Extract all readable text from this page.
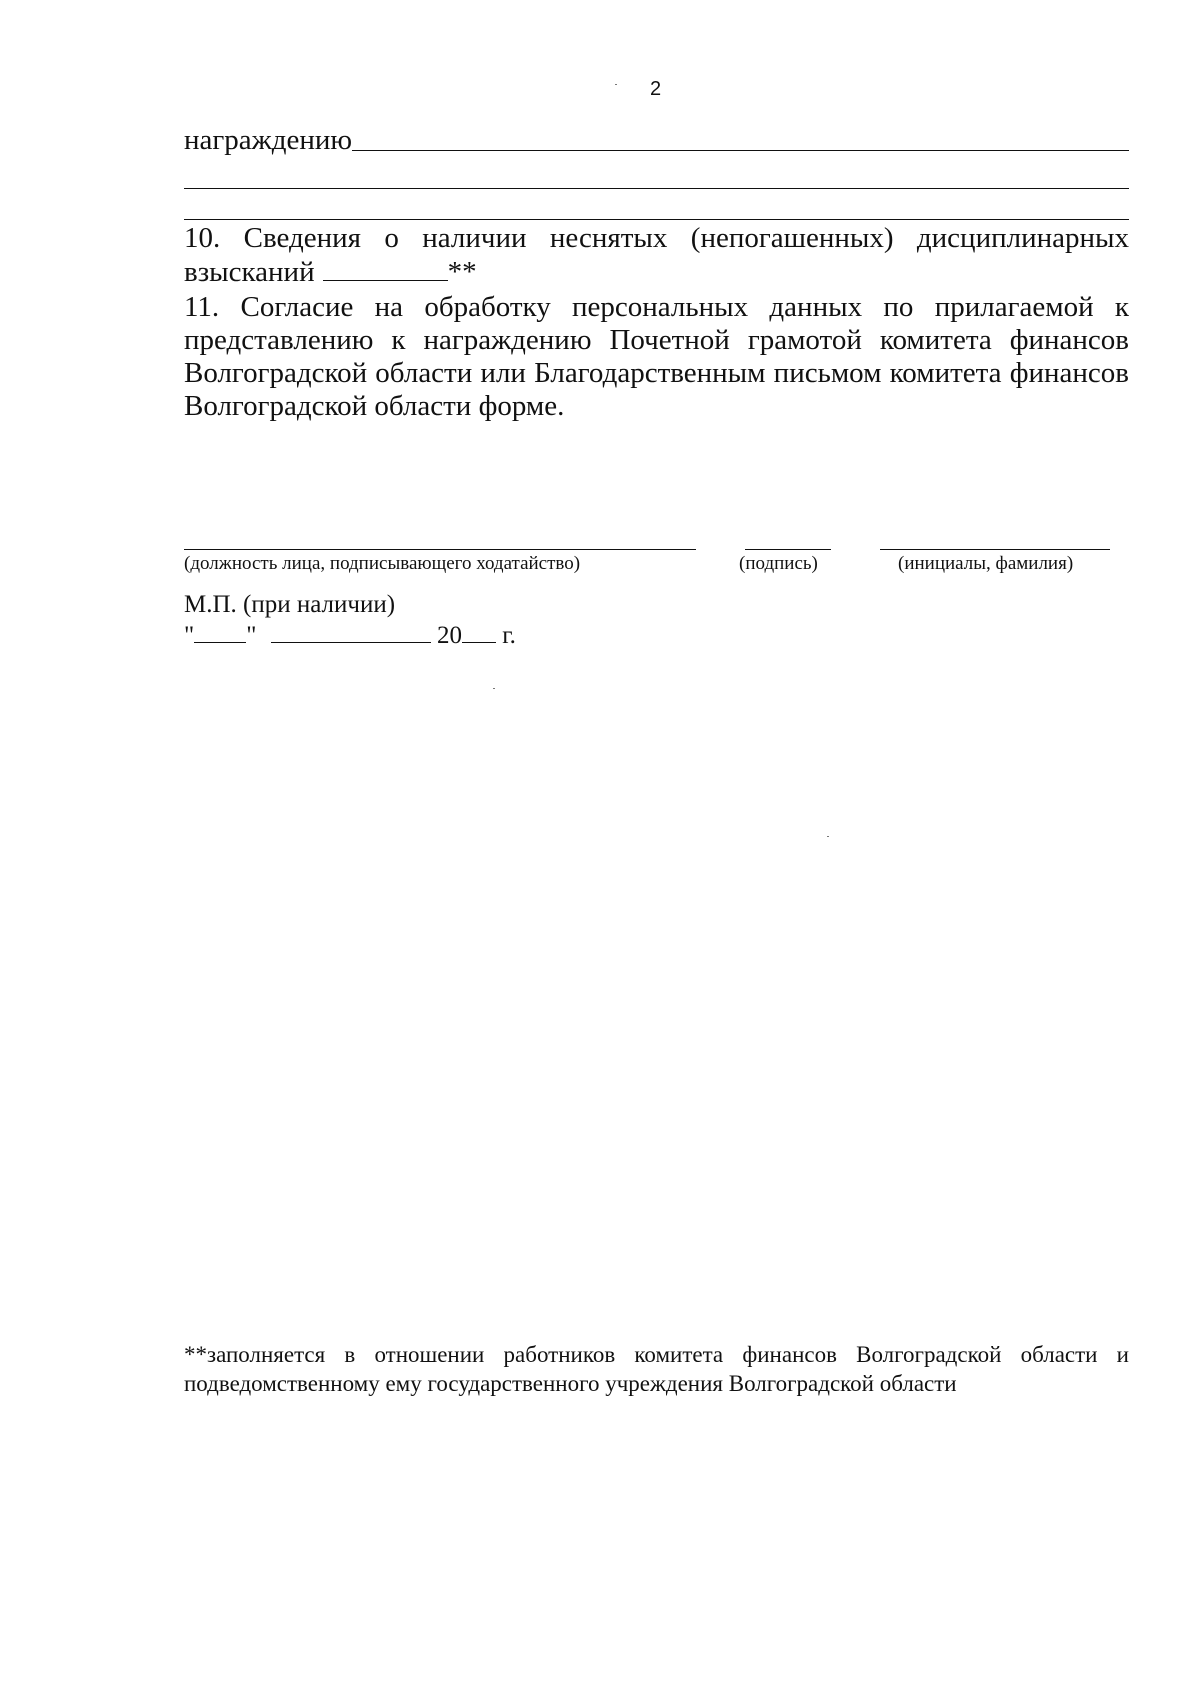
2
награждению
10. Сведения о наличии неснятых (непогашенных) дисциплинарных
взысканий	**
11. Согласие на обработку персональных данных по прилагаемой к представлению к награждению Почетной грамотой комитета финансов Волгоградской области или Благодарственным письмом комитета финансов Волгоградской области форме.
(должность лица, подписывающего ходатайство)	(подпись)	(инициалы, фамилия)
М.П. (при наличии)
" "	20 г.
**заполняется в отношении работников комитета финансов Волгоградской области и
подведомственному ему государственного учреждения Волгоградской области
